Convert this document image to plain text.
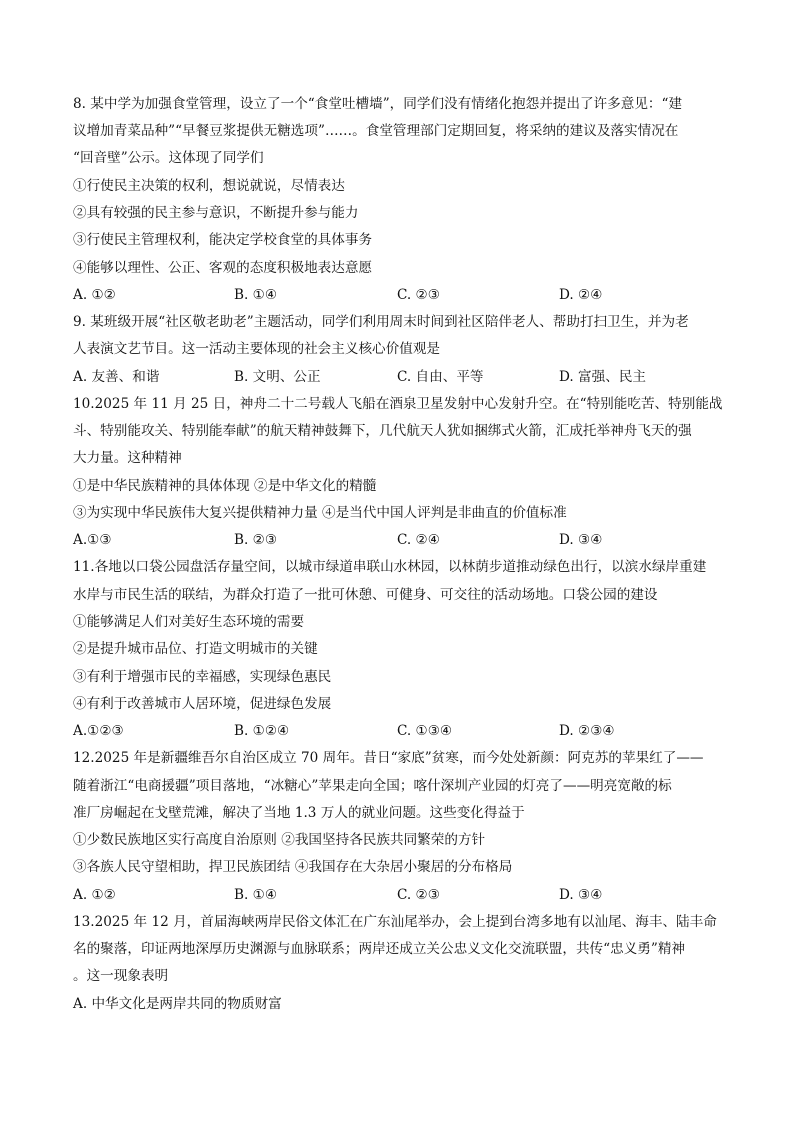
8. 某中学为加强食堂管理，设立了一个“食堂吐槽墙”，同学们没有情绪化抱怨并提出了许多意见：“建
议增加青菜品种”“早餐豆浆提供无糖选项”……。食堂管理部门定期回复，将采纳的建议及落实情况在
“回音壁”公示。这体现了同学们
①行使民主决策的权利，想说就说，尽情表达
②具有较强的民主参与意识，不断提升参与能力
③行使民主管理权利，能决定学校食堂的具体事务
④能够以理性、公正、客观的态度积极地表达意愿
A. ①②	B. ①④	C. ②③	D. ②④
9. 某班级开展“社区敬老助老”主题活动，同学们利用周末时间到社区陪伴老人、帮助打扫卫生，并为老
人表演文艺节目。这一活动主要体现的社会主义核心价值观是
A. 友善、和谐	B. 文明、公正	C. 自由、平等	D. 富强、民主
10.2025 年 11 月 25 日，神舟二十二号载人飞船在酒泉卫星发射中心发射升空。在“特别能吃苦、特别能战
斗、特别能攻关、特别能奉献”的航天精神鼓舞下，几代航天人犹如捆绑式火箭，汇成托举神舟飞天的强
大力量。这种精神
①是中华民族精神的具体体现 ②是中华文化的精髓
③为实现中华民族伟大复兴提供精神力量 ④是当代中国人评判是非曲直的价值标准
A.①③	B. ②③	C. ②④	D. ③④
11.各地以口袋公园盘活存量空间，以城市绿道串联山水林园，以林荫步道推动绿色出行，以滨水绿岸重建
水岸与市民生活的联结，为群众打造了一批可休憩、可健身、可交往的活动场地。口袋公园的建设
①能够满足人们对美好生态环境的需要
②是提升城市品位、打造文明城市的关键
③有利于增强市民的幸福感，实现绿色惠民
④有利于改善城市人居环境，促进绿色发展
A.①②③	B. ①②④	C. ①③④	D. ②③④
12.2025 年是新疆维吾尔自治区成立 70 周年。昔日“家底”贫寒，而今处处新颜：阿克苏的苹果红了——
随着浙江“电商援疆”项目落地，“冰糖心”苹果走向全国；喀什深圳产业园的灯亮了——明亮宽敞的标
准厂房崛起在戈壁荒滩，解决了当地 1.3 万人的就业问题。这些变化得益于
①少数民族地区实行高度自治原则 ②我国坚持各民族共同繁荣的方针
③各族人民守望相助，捍卫民族团结 ④我国存在大杂居小聚居的分布格局
A. ①②	B. ①④	C. ②③	D. ③④
13.2025 年 12 月，首届海峡两岸民俗文体汇在广东汕尾举办，会上提到台湾多地有以汕尾、海丰、陆丰命
名的聚落，印证两地深厚历史渊源与血脉联系；两岸还成立关公忠义文化交流联盟，共传“忠义勇”精神
。这一现象表明
A. 中华文化是两岸共同的物质财富
